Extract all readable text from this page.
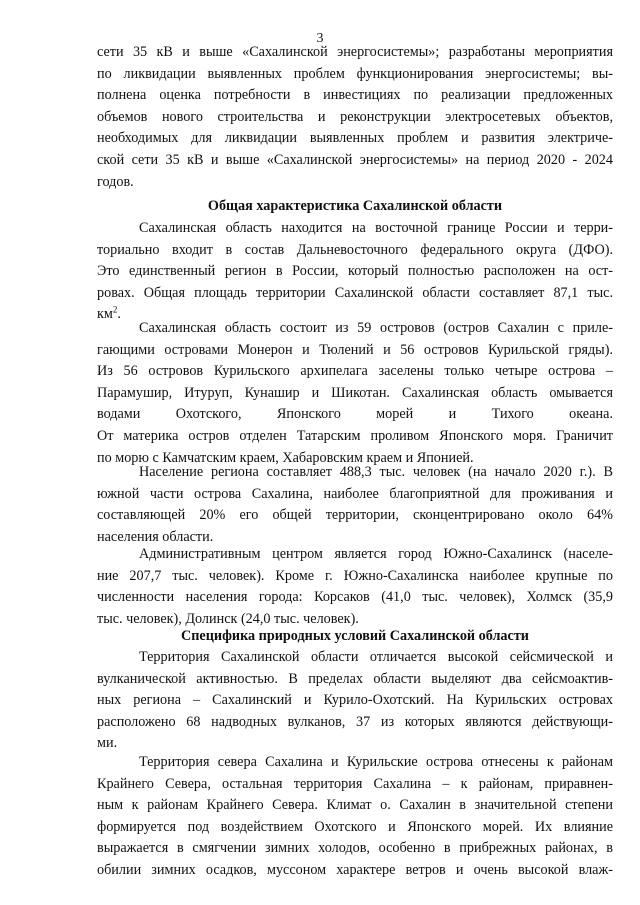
3
сети 35 кВ и выше «Сахалинской энергосистемы»; разработаны мероприятия
по ликвидации выявленных проблем функционирования энергосистемы; вы-
полнена оценка потребности в инвестициях по реализации предложенных
объемов нового строительства и реконструкции электросетевых объектов,
необходимых для ликвидации выявленных проблем и развития электриче-
ской сети 35 кВ и выше «Сахалинской энергосистемы» на период 2020 - 2024
годов.
Общая характеристика Сахалинской области
Сахалинская область находится на восточной границе России и терри-
ториально входит в состав Дальневосточного федерального округа (ДФО).
Это единственный регион в России, который полностью расположен на ост-
ровах. Общая площадь территории Сахалинской области составляет 87,1 тыс.
$км^2$.
Сахалинская область состоит из 59 островов (остров Сахалин с приле-
гающими островами Монерон и Тюлений и 56 островов Курильской гряды).
Из 56 островов Курильского архипелага заселены только четыре острова –
Парамушир, Итуруп, Кунашир и Шикотан. Сахалинская область омывается
водами Охотского, Японского морей и Тихого океана.
От материка остров отделен Татарским проливом Японского моря. Граничит
по морю с Камчатским краем, Хабаровским краем и Японией.
Население региона составляет 488,3 тыс. человек (на начало 2020 г.). В
южной части острова Сахалина, наиболее благоприятной для проживания и
составляющей 20% его общей территории, сконцентрировано около 64%
населения области.
Административным центром является город Южно-Сахалинск (населе-
ние 207,7 тыс. человек). Кроме г. Южно-Сахалинска наиболее крупные по
численности населения города: Корсаков (41,0 тыс. человек), Холмск (35,9
тыс. человек), Долинск (24,0 тыс. человек).
Специфика природных условий Сахалинской области
Территория Сахалинской области отличается высокой сейсмической и
вулканической активностью. В пределах области выделяют два сейсмоактив-
ных региона – Сахалинский и Курило-Охотский. На Курильских островах
расположено 68 надводных вулканов, 37 из которых являются действующи-
ми.
Территория севера Сахалина и Курильские острова отнесены к районам
Крайнего Севера, остальная территория Сахалина – к районам, приравнен-
ным к районам Крайнего Севера. Климат о. Сахалин в значительной степени
формируется под воздействием Охотского и Японского морей. Их влияние
выражается в смягчении зимних холодов, особенно в прибрежных районах, в
обилии зимних осадков, муссоном характере ветров и очень высокой влаж-
